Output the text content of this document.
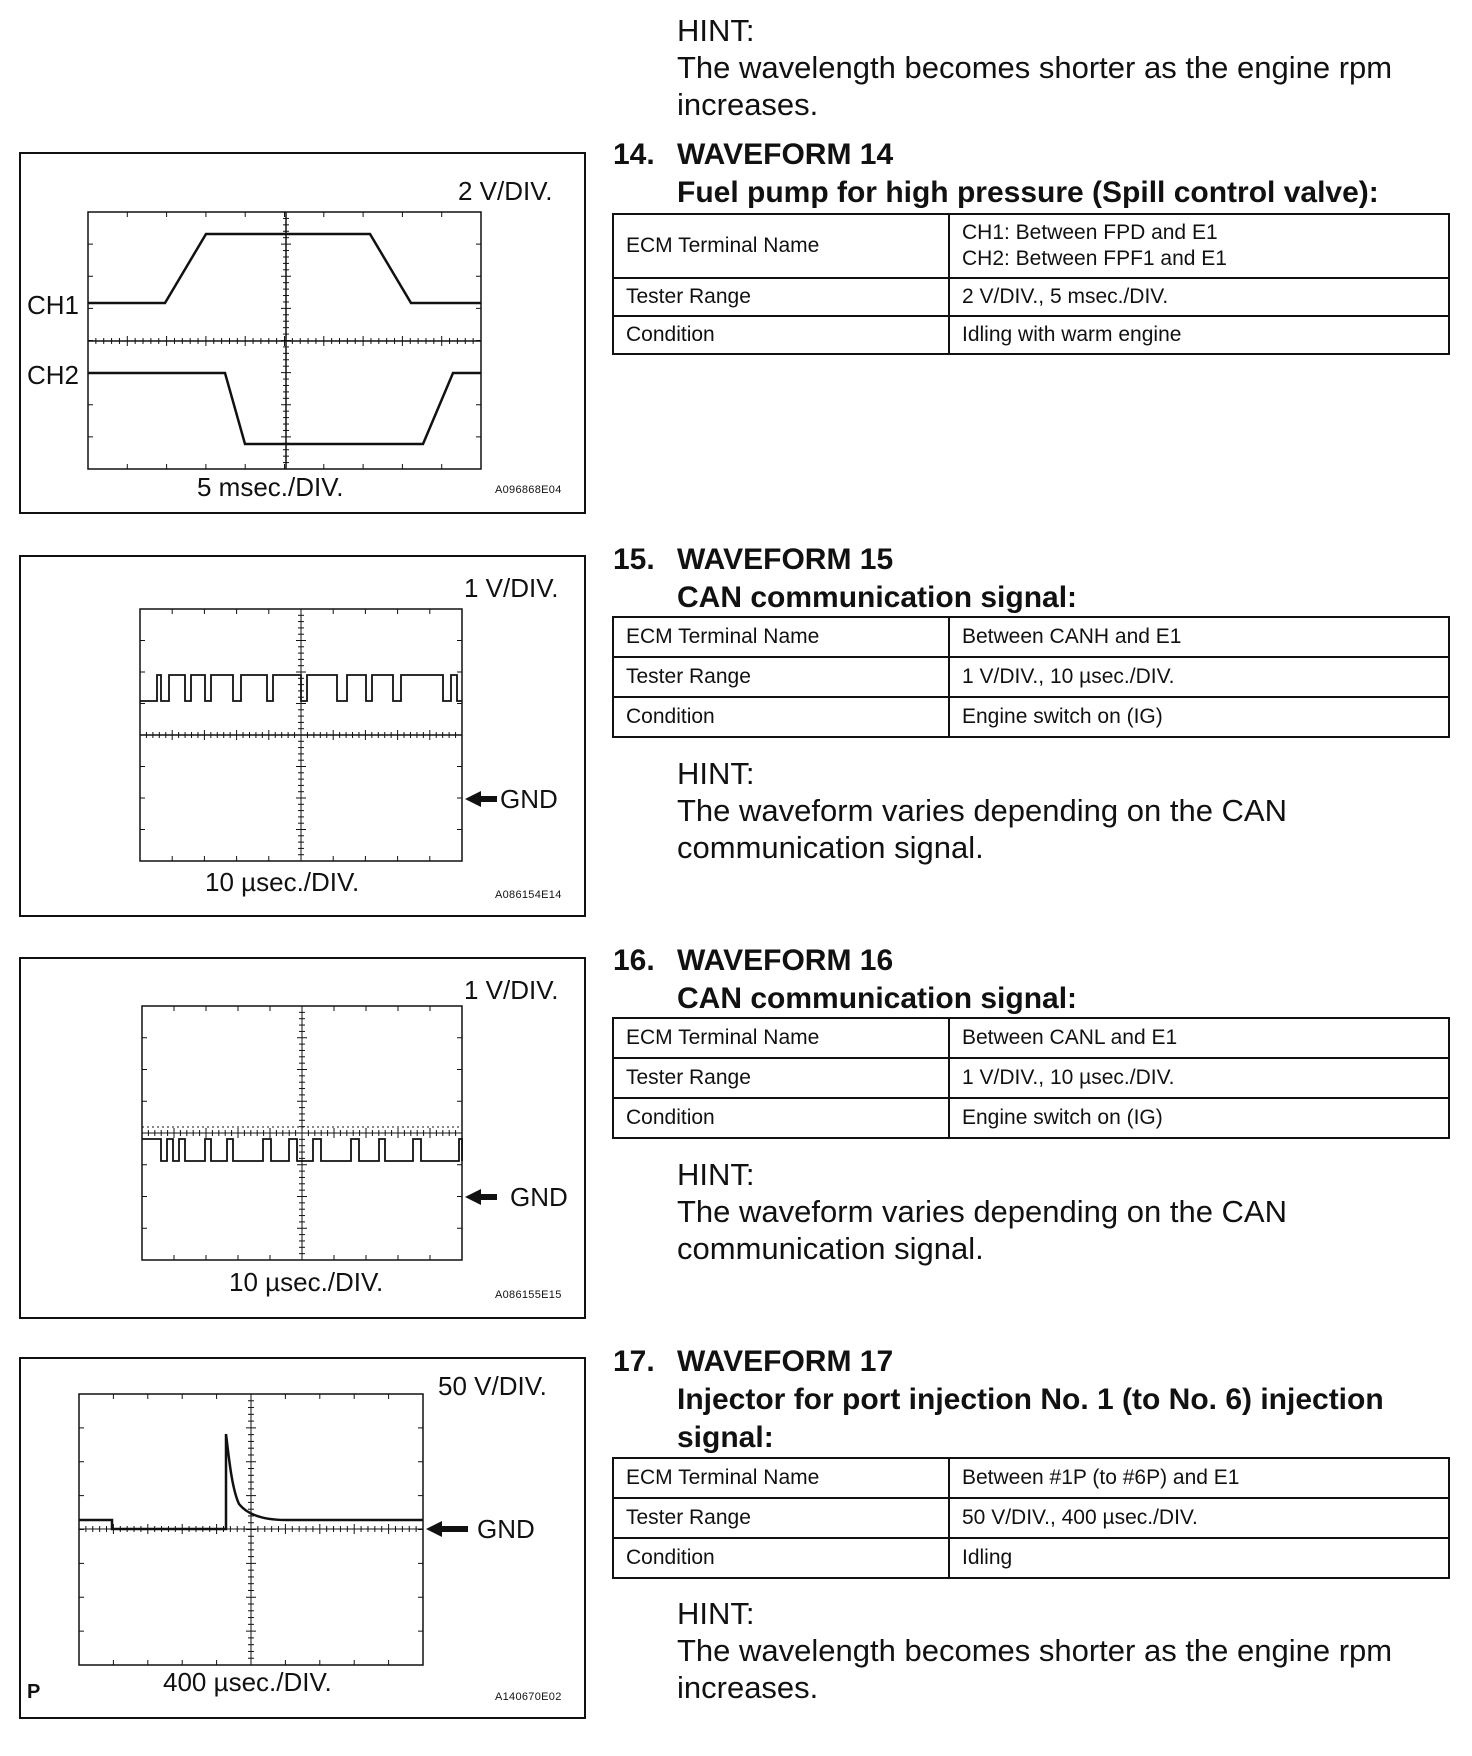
HINT:
The wavelength becomes shorter as the engine rpm
increases.
14. WAVEFORM 14
Fuel pump for high pressure (Spill control valve):
ECM Terminal Name	CH1: Between FPD and E1
CH2: Between FPF1 and E1

Tester Range	2 V/DIV., 5 msec./DIV.
Condition	Idling with warm engine
2 V/DIV.
CH1
CH2
5 msec./DIV.	A096868E04
15. WAVEFORM 15
CAN communication signal:
ECM Terminal Name	Between CANH and E1
Tester Range	1 V/DIV., 10 µsec./DIV.
Condition	Engine switch on (IG)
HINT:
The waveform varies depending on the CAN
communication signal.
1 V/DIV.
GND
10 µsec./DIV.	A086154E14
16. WAVEFORM 16
CAN communication signal:
ECM Terminal Name	Between CANL and E1
Tester Range	1 V/DIV., 10 µsec./DIV.
Condition	Engine switch on (IG)
HINT:
The waveform varies depending on the CAN
communication signal.
1 V/DIV.
GND
10 µsec./DIV.	A086155E15
17. WAVEFORM 17
Injector for port injection No. 1 (to No. 6) injection
signal:
ECM Terminal Name	Between #1P (to #6P) and E1
Tester Range	50 V/DIV., 400 µsec./DIV.
Condition	Idling
HINT:
The wavelength becomes shorter as the engine rpm
increases.
50 V/DIV.
GND
400 µsec./DIV.	A140670E02
P
